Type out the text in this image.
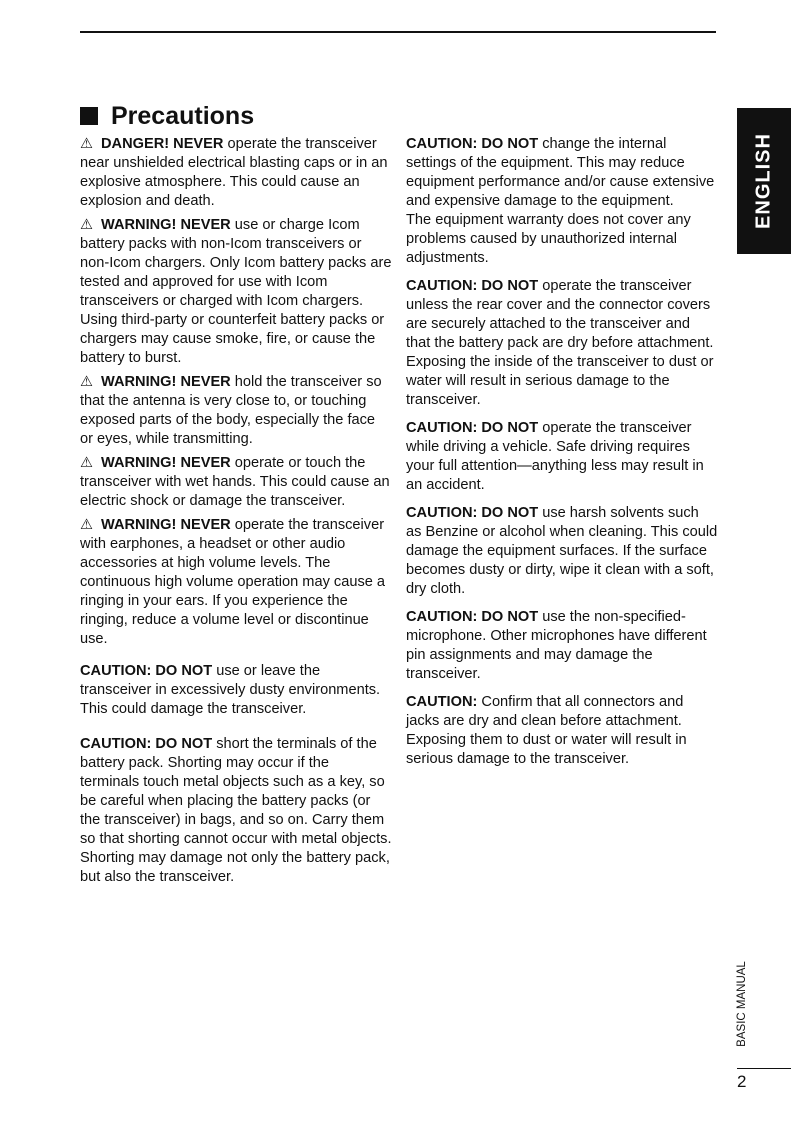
Precautions

⚠ DANGER! NEVER operate the transceiver near unshielded electrical blasting caps or in an explosive atmosphere. This could cause an explosion and death.

⚠ WARNING! NEVER use or charge Icom battery packs with non-Icom transceivers or non-Icom chargers. Only Icom battery packs are tested and approved for use with Icom transceivers or charged with Icom chargers. Using third-party or counterfeit battery packs or chargers may cause smoke, fire, or cause the battery to burst.

⚠ WARNING! NEVER hold the transceiver so that the antenna is very close to, or touching exposed parts of the body, especially the face or eyes, while transmitting.

⚠ WARNING! NEVER operate or touch the transceiver with wet hands. This could cause an electric shock or damage the transceiver.

⚠ WARNING! NEVER operate the transceiver with earphones, a headset or other audio accessories at high volume levels. The continuous high volume operation may cause a ringing in your ears. If you experience the ringing, reduce a volume level or discontinue use.

CAUTION: DO NOT use or leave the transceiver in excessively dusty environments. This could damage the transceiver.

CAUTION: DO NOT short the terminals of the battery pack. Shorting may occur if the terminals touch metal objects such as a key, so be careful when placing the battery packs (or the transceiver) in bags, and so on. Carry them so that shorting cannot occur with metal objects. Shorting may damage not only the battery pack, but also the transceiver.

CAUTION: DO NOT change the internal settings of the equipment. This may reduce equipment performance and/or cause extensive and expensive damage to the equipment.
The equipment warranty does not cover any problems caused by unauthorized internal adjustments.

CAUTION: DO NOT operate the transceiver unless the rear cover and the connector covers are securely attached to the transceiver and that the battery pack are dry before attachment.
Exposing the inside of the transceiver to dust or water will result in serious damage to the transceiver.

CAUTION: DO NOT operate the transceiver while driving a vehicle. Safe driving requires your full attention—anything less may result in an accident.

CAUTION: DO NOT use harsh solvents such as Benzine or alcohol when cleaning. This could damage the equipment surfaces. If the surface becomes dusty or dirty, wipe it clean with a soft, dry cloth.

CAUTION: DO NOT use the non-specified-microphone. Other microphones have different pin assignments and may damage the transceiver.

CAUTION: Confirm that all connectors and jacks are dry and clean before attachment. Exposing them to dust or water will result in serious damage to the transceiver.

ENGLISH
BASIC MANUAL
2
